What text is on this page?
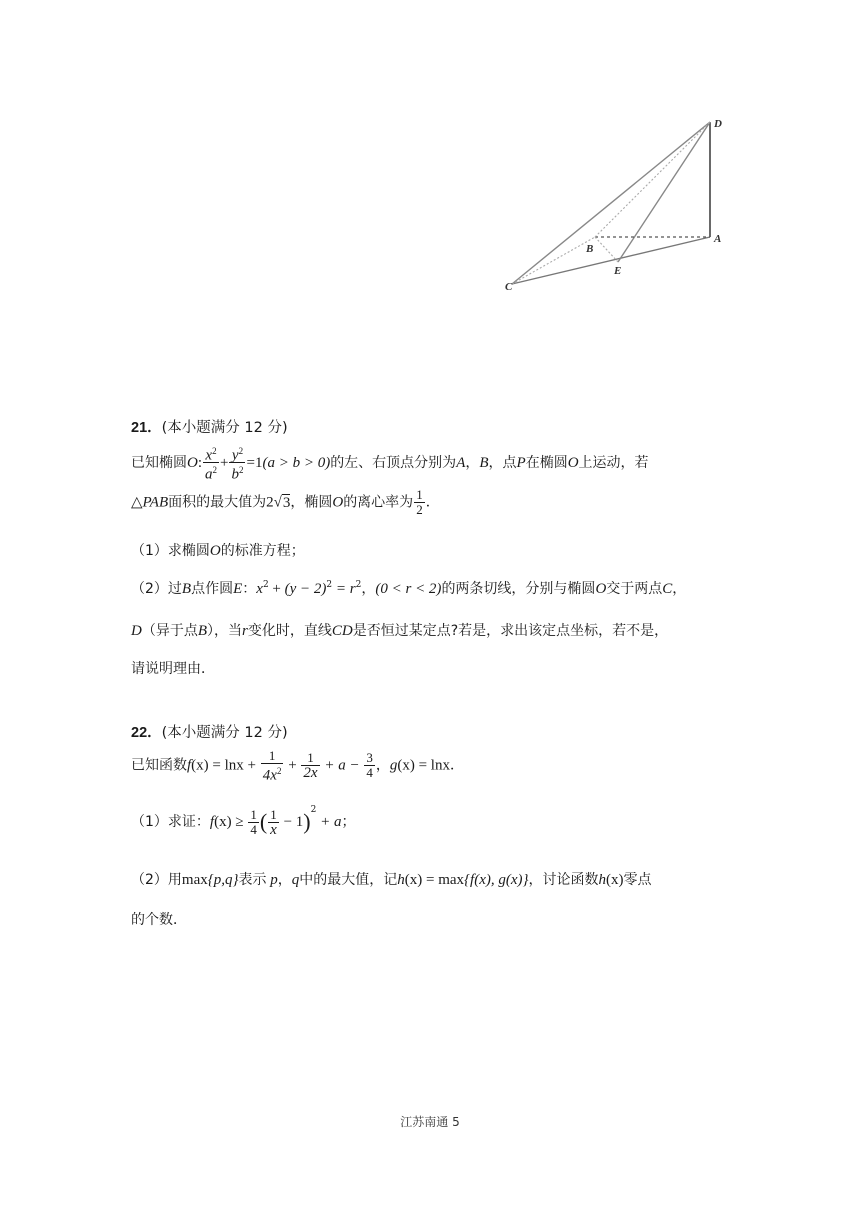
D
A
B
E
C
21．(本小题满分 12 分)
已知椭圆O: $\frac{x^2}{a^2} + \frac{y^2}{b^2} =1(a > b > 0)$的左、右顶点分别为A，B，点P在椭圆O上运动，若
△PAB面积的最大值为2√3，椭圆O的离心率为 $\frac{1}{2}$ ．
（1）求椭圆O的标准方程；
（2）过B点作圆E：$x^2 + (y - 2)^2 = r^2$，(0 < r < 2)的两条切线，分别与椭圆O交于两点C，
D（异于点B），当r变化时，直线CD是否恒过某定点?若是，求出该定点坐标，若不是，
请说明理由．
22．(本小题满分 12 分)
已知函数$f(x) = \ln x + \frac{1}{4x^2} + \frac{1}{2x} + a - \frac{3}{4}$ ，g(x) = lnx．
（1）求证：$f(x) \ge \frac{1}{4}$ ( $\frac{1}{x} - 1)^2 + a$；
（2）用max{p,q}表示 p，q中的最大值，记h(x) = max{f(x), g(x)}，讨论函数h(x)零点
的个数．
江苏南通 5
